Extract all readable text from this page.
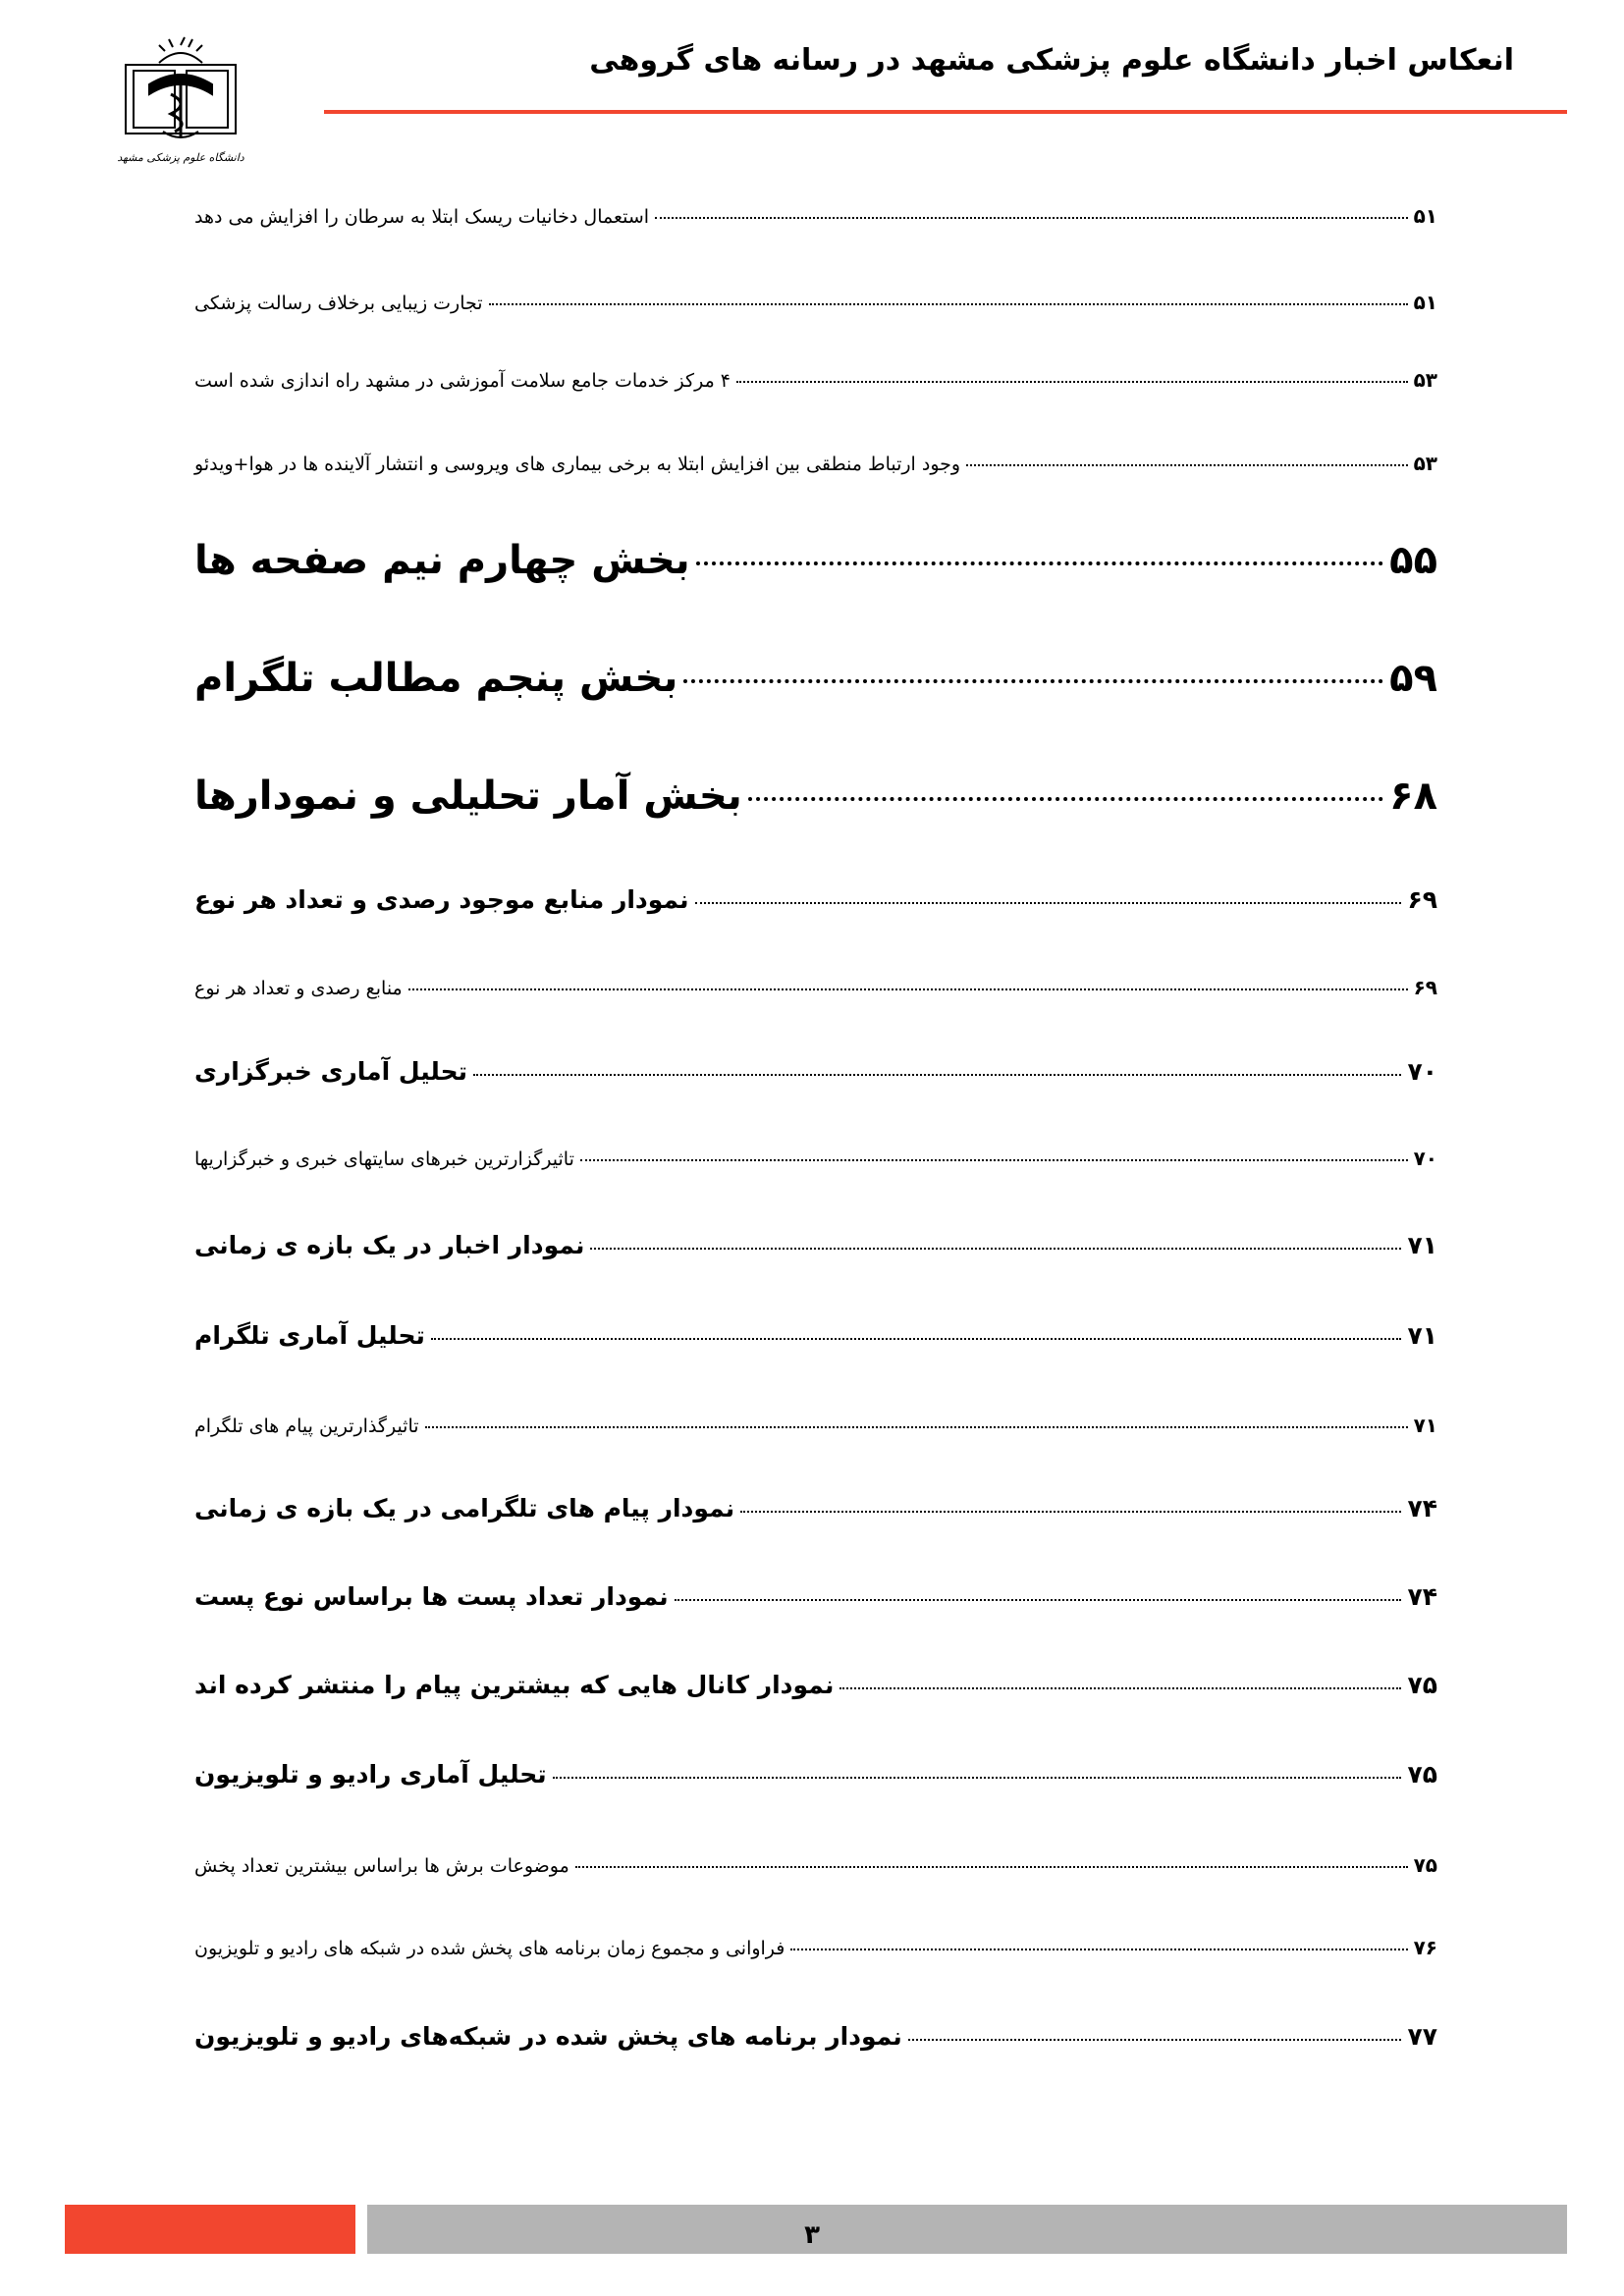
انعکاس اخبار دانشگاه علوم پزشکی مشهد در رسانه های گروهی
دانشگاه علوم پزشکی مشهد
استعمال دخانیات ریسک ابتلا به سرطان را افزایش می دهد	۵۱
تجارت زیبایی برخلاف رسالت پزشکی	۵۱
۴ مرکز خدمات جامع سلامت آموزشی در مشهد راه اندازی شده است	۵۳
وجود ارتباط منطقی بین افزایش ابتلا به برخی بیماری های ویروسی و انتشار آلاینده ها در هوا+ویدئو	۵۳
بخش چهارم نیم صفحه ها	۵۵
بخش پنجم مطالب تلگرام	۵۹
بخش آمار تحلیلی و نمودارها	۶۸
نمودار منابع موجود رصدی و تعداد هر نوع	۶۹
منابع رصدی و تعداد هر نوع	۶۹
تحلیل آماری خبرگزاری	۷۰
تاثیرگزارترین خبرهای سایتهای خبری و خبرگزاریها	۷۰
نمودار اخبار در یک بازه ی زمانی	۷۱
تحلیل آماری تلگرام	۷۱
تاثیرگذارترین پیام های تلگرام	۷۱
نمودار پیام های تلگرامی در یک بازه ی زمانی	۷۴
نمودار تعداد پست ها براساس نوع پست	۷۴
نمودار کانال هایی که بیشترین پیام را منتشر کرده اند	۷۵
تحلیل آماری رادیو و تلویزیون	۷۵
موضوعات برش ها براساس بیشترین تعداد پخش	۷۵
فراوانی و مجموع زمان برنامه های پخش شده در شبکه های رادیو و تلویزیون	۷۶
نمودار برنامه های پخش شده در شبکه‌های رادیو و تلویزیون	۷۷
۳
